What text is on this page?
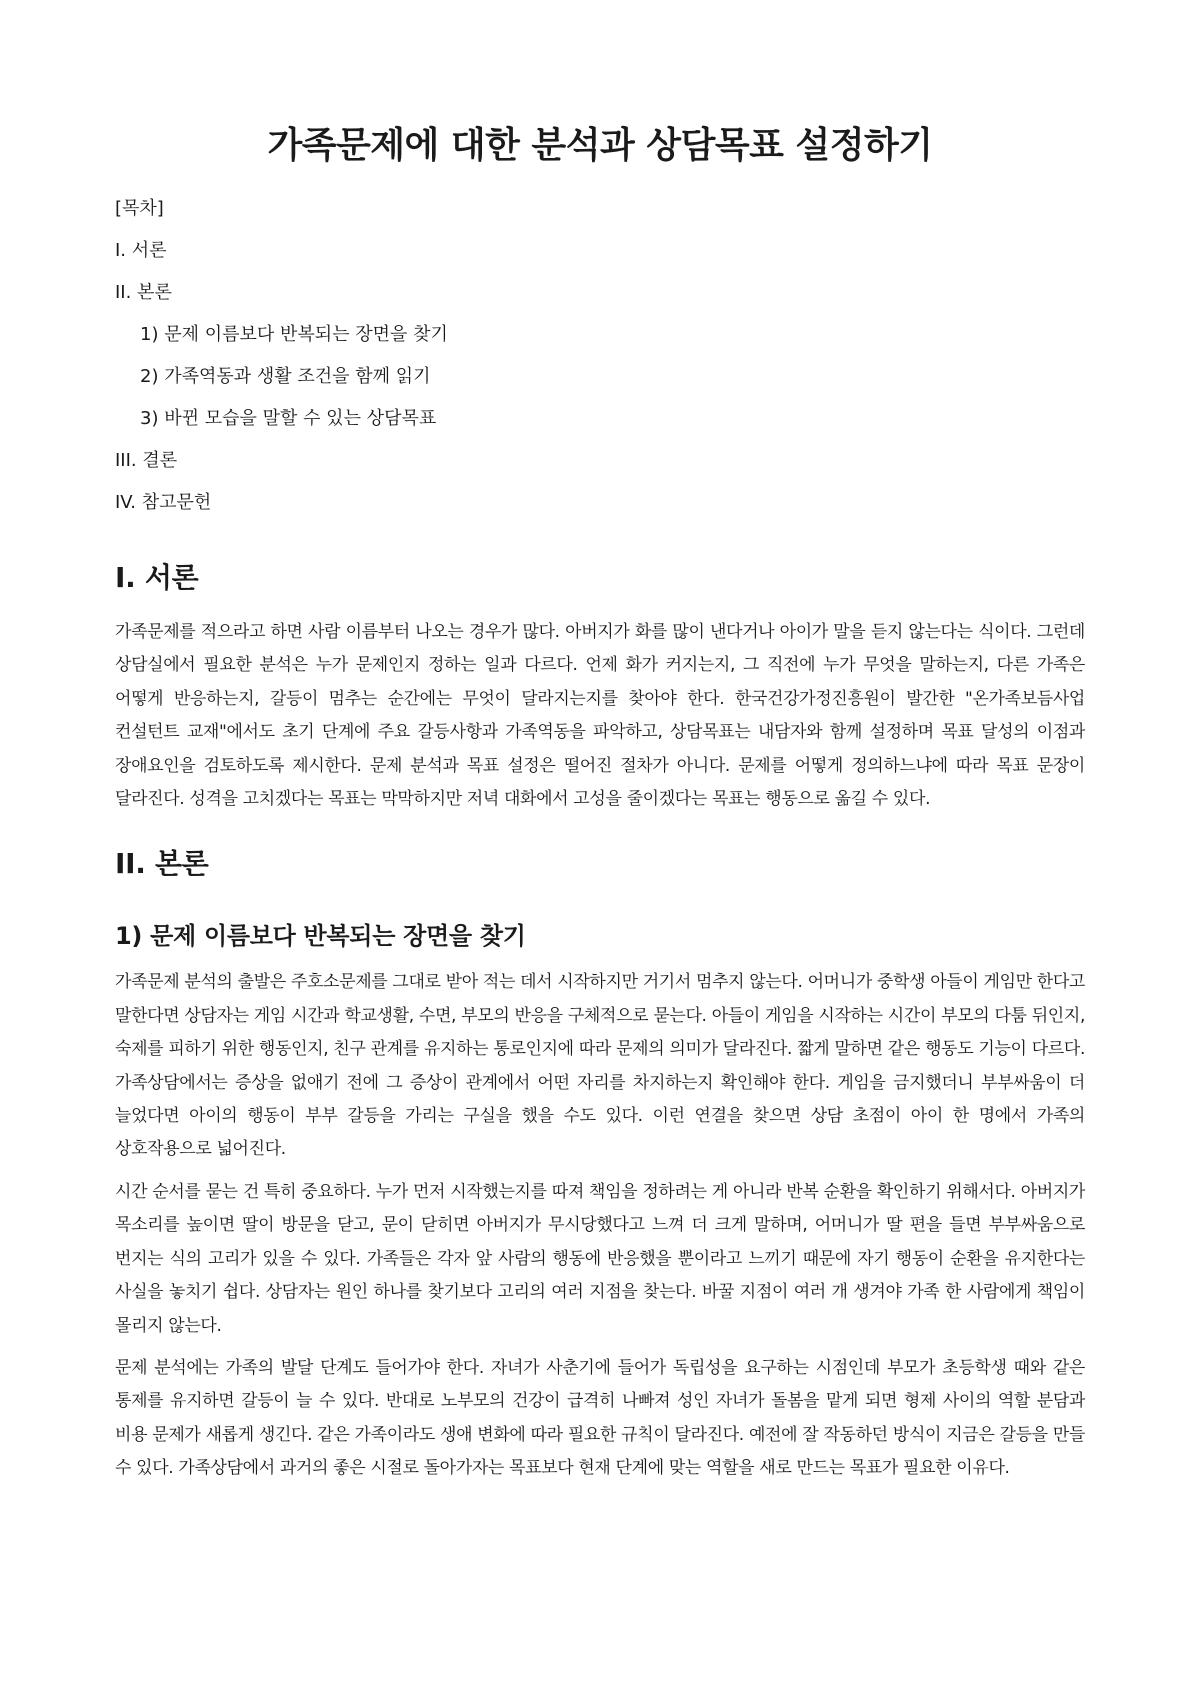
가족문제에 대한 분석과 상담목표 설정하기
[목차]
I. 서론
II. 본론
1) 문제 이름보다 반복되는 장면을 찾기
2) 가족역동과 생활 조건을 함께 읽기
3) 바뀐 모습을 말할 수 있는 상담목표
III. 결론
IV. 참고문헌
I. 서론

가족문제를 적으라고 하면 사람 이름부터 나오는 경우가 많다. 아버지가 화를 많이 낸다거나 아이가 말을 듣지 않는다는 식이다. 그런데 상담실에서 필요한 분석은 누가 문제인지 정하는 일과 다르다. 언제 화가 커지는지, 그 직전에 누가 무엇을 말하는지, 다른 가족은 어떻게 반응하는지, 갈등이 멈추는 순간에는 무엇이 달라지는지를 찾아야 한다. 한국건강가정진흥원이 발간한 "온가족보듬사업 컨설턴트 교재"에서도 초기 단계에 주요 갈등사항과 가족역동을 파악하고, 상담목표는 내담자와 함께 설정하며 목표 달성의 이점과 장애요인을 검토하도록 제시한다. 문제 분석과 목표 설정은 떨어진 절차가 아니다. 문제를 어떻게 정의하느냐에 따라 목표 문장이 달라진다. 성격을 고치겠다는 목표는 막막하지만 저녁 대화에서 고성을 줄이겠다는 목표는 행동으로 옮길 수 있다.

II. 본론
1) 문제 이름보다 반복되는 장면을 찾기

가족문제 분석의 출발은 주호소문제를 그대로 받아 적는 데서 시작하지만 거기서 멈추지 않는다. 어머니가 중학생 아들이 게임만 한다고 말한다면 상담자는 게임 시간과 학교생활, 수면, 부모의 반응을 구체적으로 묻는다. 아들이 게임을 시작하는 시간이 부모의 다툼 뒤인지, 숙제를 피하기 위한 행동인지, 친구 관계를 유지하는 통로인지에 따라 문제의 의미가 달라진다. 짧게 말하면 같은 행동도 기능이 다르다. 가족상담에서는 증상을 없애기 전에 그 증상이 관계에서 어떤 자리를 차지하는지 확인해야 한다. 게임을 금지했더니 부부싸움이 더 늘었다면 아이의 행동이 부부 갈등을 가리는 구실을 했을 수도 있다. 이런 연결을 찾으면 상담 초점이 아이 한 명에서 가족의 상호작용으로 넓어진다.

시간 순서를 묻는 건 특히 중요하다. 누가 먼저 시작했는지를 따져 책임을 정하려는 게 아니라 반복 순환을 확인하기 위해서다. 아버지가 목소리를 높이면 딸이 방문을 닫고, 문이 닫히면 아버지가 무시당했다고 느껴 더 크게 말하며, 어머니가 딸 편을 들면 부부싸움으로 번지는 식의 고리가 있을 수 있다. 가족들은 각자 앞 사람의 행동에 반응했을 뿐이라고 느끼기 때문에 자기 행동이 순환을 유지한다는 사실을 놓치기 쉽다. 상담자는 원인 하나를 찾기보다 고리의 여러 지점을 찾는다. 바꿀 지점이 여러 개 생겨야 가족 한 사람에게 책임이 몰리지 않는다.

문제 분석에는 가족의 발달 단계도 들어가야 한다. 자녀가 사춘기에 들어가 독립성을 요구하는 시점인데 부모가 초등학생 때와 같은 통제를 유지하면 갈등이 늘 수 있다. 반대로 노부모의 건강이 급격히 나빠져 성인 자녀가 돌봄을 맡게 되면 형제 사이의 역할 분담과 비용 문제가 새롭게 생긴다. 같은 가족이라도 생애 변화에 따라 필요한 규칙이 달라진다. 예전에 잘 작동하던 방식이 지금은 갈등을 만들 수 있다. 가족상담에서 과거의 좋은 시절로 돌아가자는 목표보다 현재 단계에 맞는 역할을 새로 만드는 목표가 필요한 이유다.
